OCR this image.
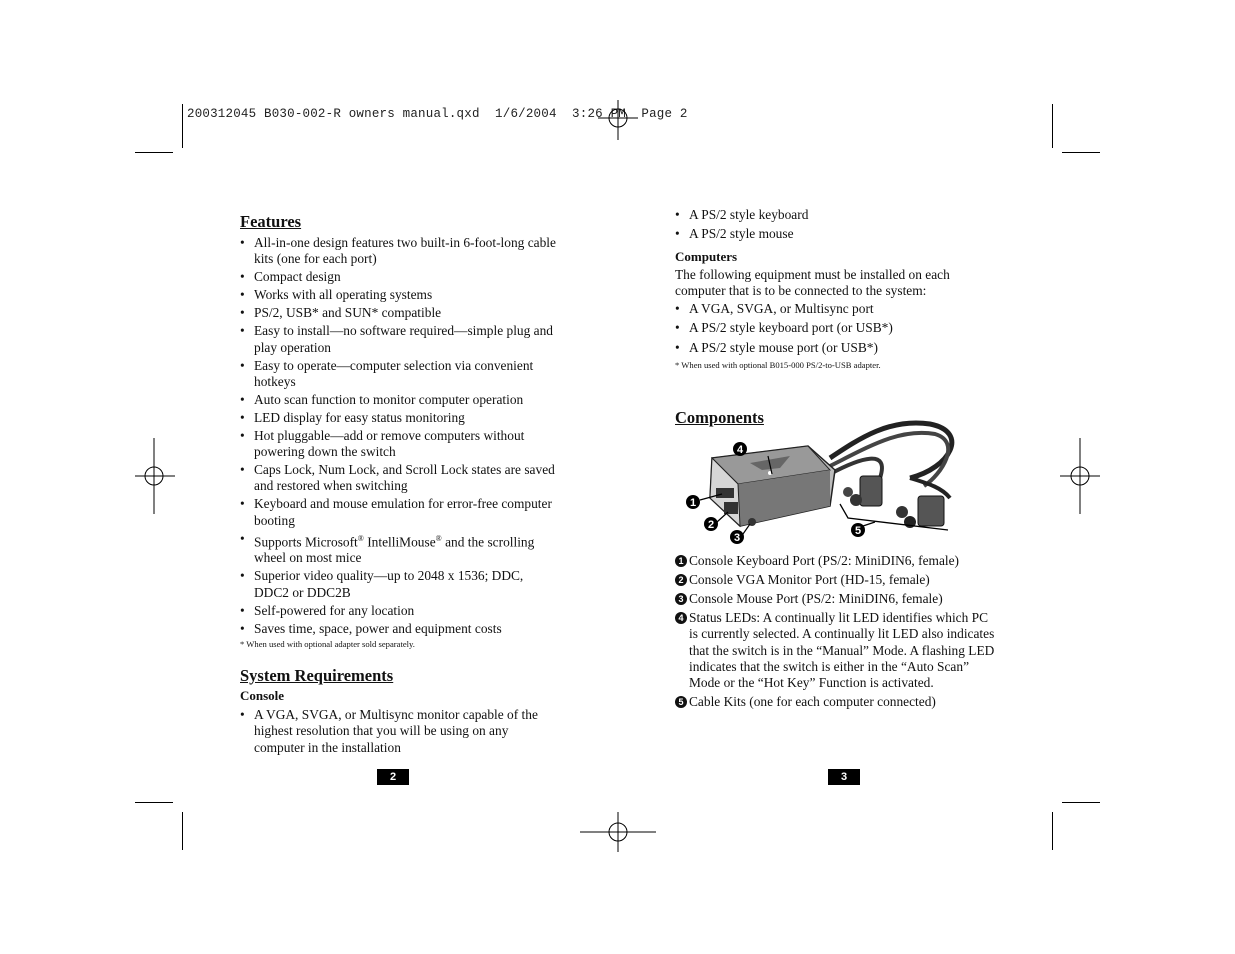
200312045 B030-002-R owners manual.qxd  1/6/2004  3:26 PM  Page 2
Features
• All-in-one design features two built-in 6-foot-long cable kits (one for each port)
• Compact design
• Works with all operating systems
• PS/2, USB* and SUN* compatible
• Easy to install—no software required—simple plug and play operation
• Easy to operate—computer selection via convenient hotkeys
• Auto scan function to monitor computer operation
• LED display for easy status monitoring
• Hot pluggable—add or remove computers without powering down the switch
• Caps Lock, Num Lock, and Scroll Lock states are saved and restored when switching
• Keyboard and mouse emulation for error-free computer booting
• Supports Microsoft® IntelliMouse® and the scrolling wheel on most mice
• Superior video quality—up to 2048 x 1536; DDC, DDC2 or DDC2B
• Self-powered for any location
• Saves time, space, power and equipment costs
* When used with optional adapter sold separately.
System Requirements
Console
• A VGA, SVGA, or Multisync monitor capable of the highest resolution that you will be using on any computer in the installation
2
• A PS/2 style keyboard
• A PS/2 style mouse
Computers
The following equipment must be installed on each computer that is to be connected to the system:
• A VGA, SVGA, or Multisync port
• A PS/2 style keyboard port (or USB*)
• A PS/2 style mouse port (or USB*)
* When used with optional B015-000 PS/2-to-USB adapter.
Components
4
1
2
3
5
1 Console Keyboard Port (PS/2: MiniDIN6, female)
2 Console VGA Monitor Port (HD-15, female)
3 Console Mouse Port (PS/2: MiniDIN6, female)
4 Status LEDs: A continually lit LED identifies which PC is currently selected. A continually lit LED also indicates that the switch is in the “Manual” Mode. A flashing LED indicates that the switch is either in the “Auto Scan” Mode or the “Hot Key” Function is activated.
5 Cable Kits (one for each computer connected)
3
